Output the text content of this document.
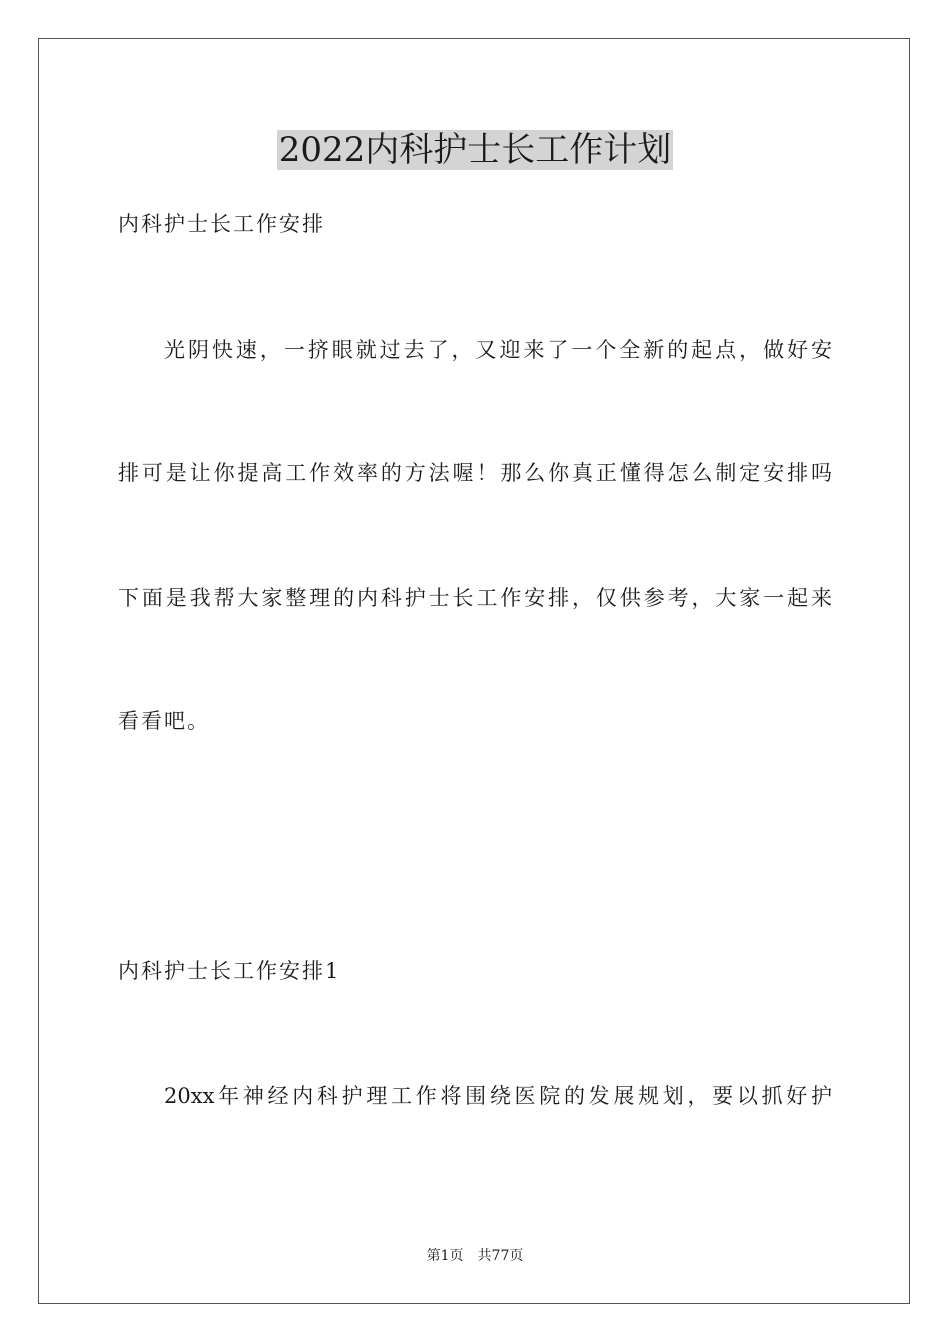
2022内科护士长工作计划

内科护士长工作安排

光阴快速，一挤眼就过去了，又迎来了一个全新的起点，做好安

排可是让你提高工作效率的方法喔！那么你真正懂得怎么制定安排吗

下面是我帮大家整理的内科护士长工作安排，仅供参考，大家一起来

看看吧。

内科护士长工作安排1

20xx年神经内科护理工作将围绕医院的发展规划，要以抓好护

第1页　共77页
